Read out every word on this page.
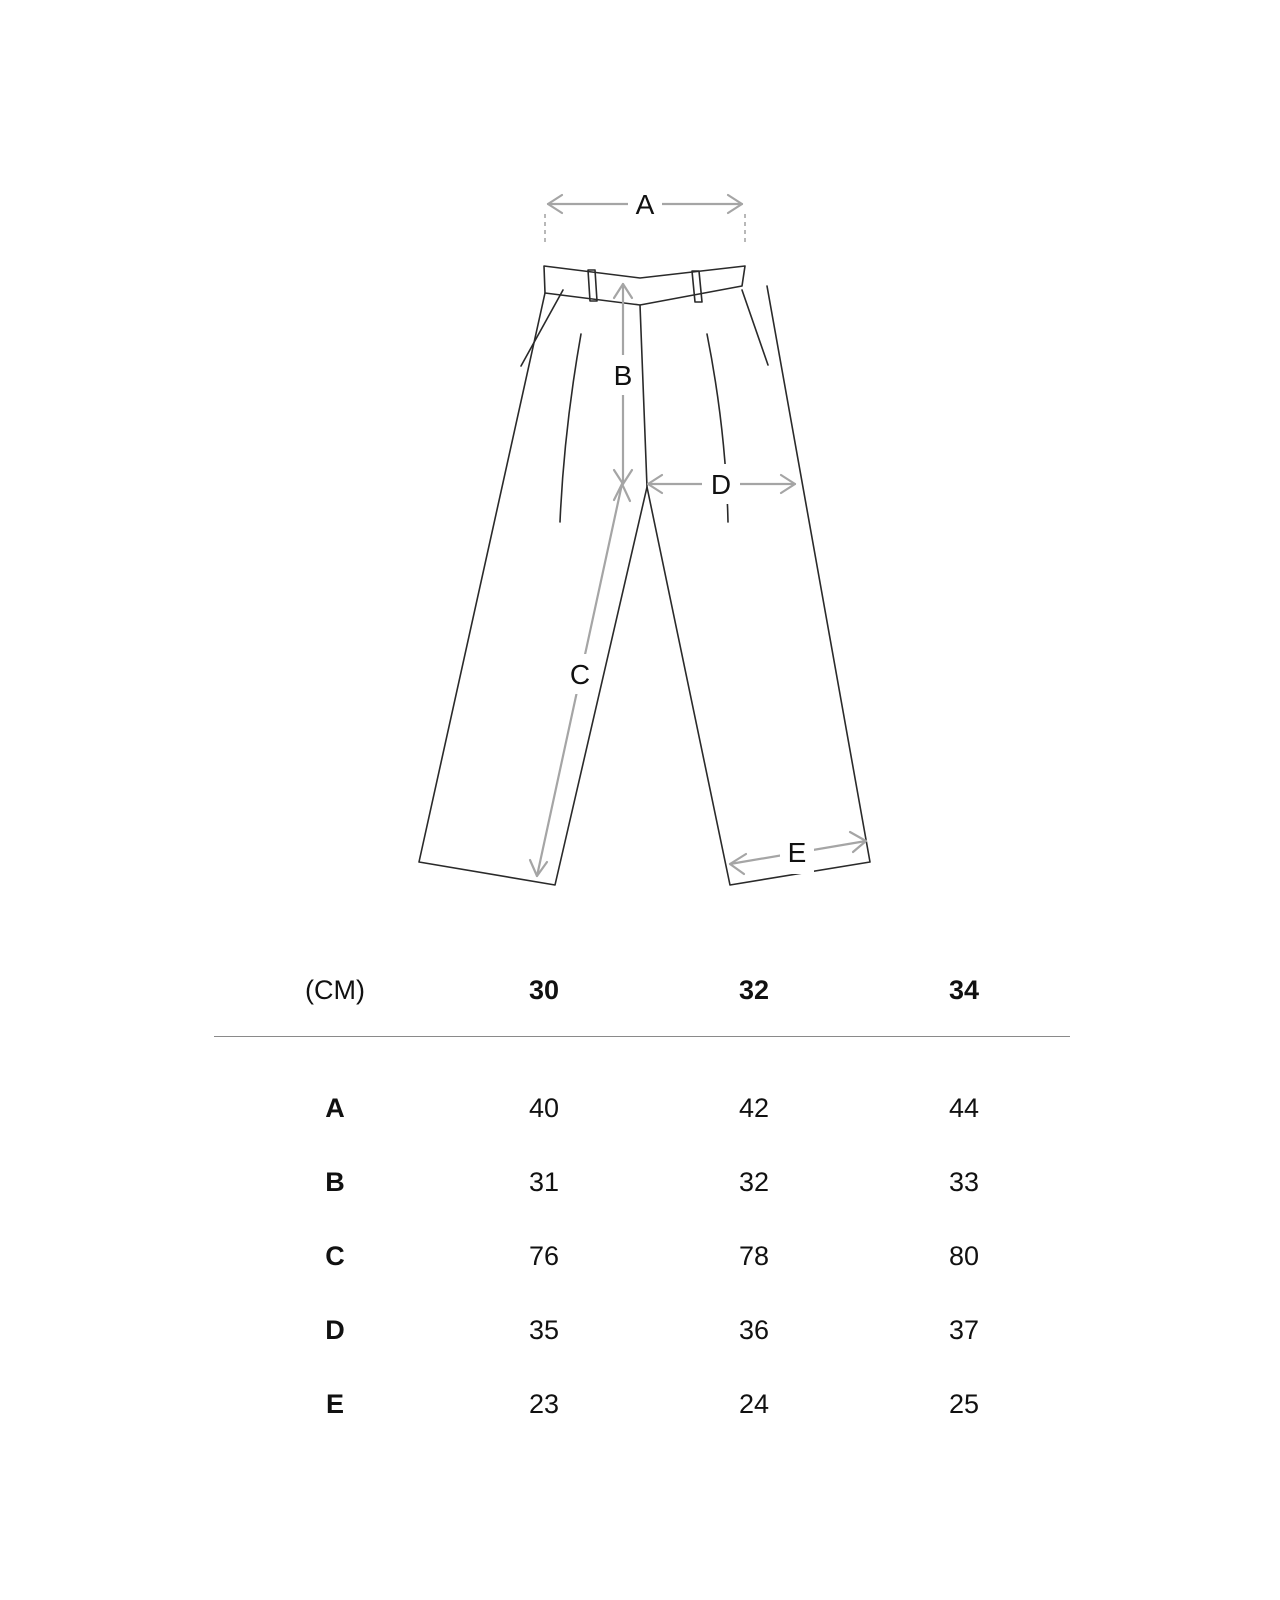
A
B
C
D
E
(CM)	30	32	34
A	40	42	44
B	31	32	33
C	76	78	80
D	35	36	37
E	23	24	25
